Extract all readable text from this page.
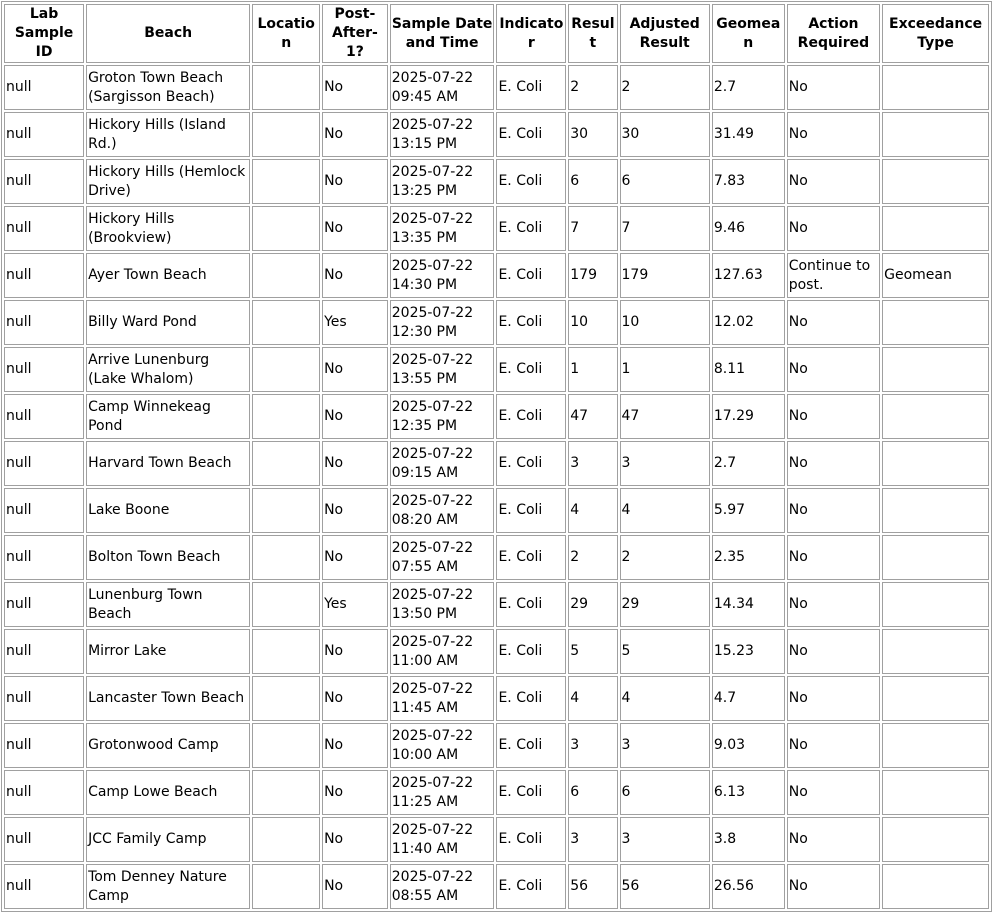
Lab Sample ID	Beach	Location	Post-After-1?	Sample Date and Time	Indicator	Result	Adjusted Result	Geomean	Action Required	Exceedance Type
null	Groton Town Beach (Sargisson Beach)		No	2025-07-22 09:45 AM	E. Coli	2	2	2.7	No	
null	Hickory Hills (Island Rd.)		No	2025-07-22 13:15 PM	E. Coli	30	30	31.49	No	
null	Hickory Hills (Hemlock Drive)		No	2025-07-22 13:25 PM	E. Coli	6	6	7.83	No	
null	Hickory Hills (Brookview)		No	2025-07-22 13:35 PM	E. Coli	7	7	9.46	No	
null	Ayer Town Beach		No	2025-07-22 14:30 PM	E. Coli	179	179	127.63	Continue to post.	Geomean
null	Billy Ward Pond		Yes	2025-07-22 12:30 PM	E. Coli	10	10	12.02	No	
null	Arrive Lunenburg (Lake Whalom)		No	2025-07-22 13:55 PM	E. Coli	1	1	8.11	No	
null	Camp Winnekeag Pond		No	2025-07-22 12:35 PM	E. Coli	47	47	17.29	No	
null	Harvard Town Beach		No	2025-07-22 09:15 AM	E. Coli	3	3	2.7	No	
null	Lake Boone		No	2025-07-22 08:20 AM	E. Coli	4	4	5.97	No	
null	Bolton Town Beach		No	2025-07-22 07:55 AM	E. Coli	2	2	2.35	No	
null	Lunenburg Town Beach		Yes	2025-07-22 13:50 PM	E. Coli	29	29	14.34	No	
null	Mirror Lake		No	2025-07-22 11:00 AM	E. Coli	5	5	15.23	No	
null	Lancaster Town Beach		No	2025-07-22 11:45 AM	E. Coli	4	4	4.7	No	
null	Grotonwood Camp		No	2025-07-22 10:00 AM	E. Coli	3	3	9.03	No	
null	Camp Lowe Beach		No	2025-07-22 11:25 AM	E. Coli	6	6	6.13	No	
null	JCC Family Camp		No	2025-07-22 11:40 AM	E. Coli	3	3	3.8	No	
null	Tom Denney Nature Camp		No	2025-07-22 08:55 AM	E. Coli	56	56	26.56	No	
